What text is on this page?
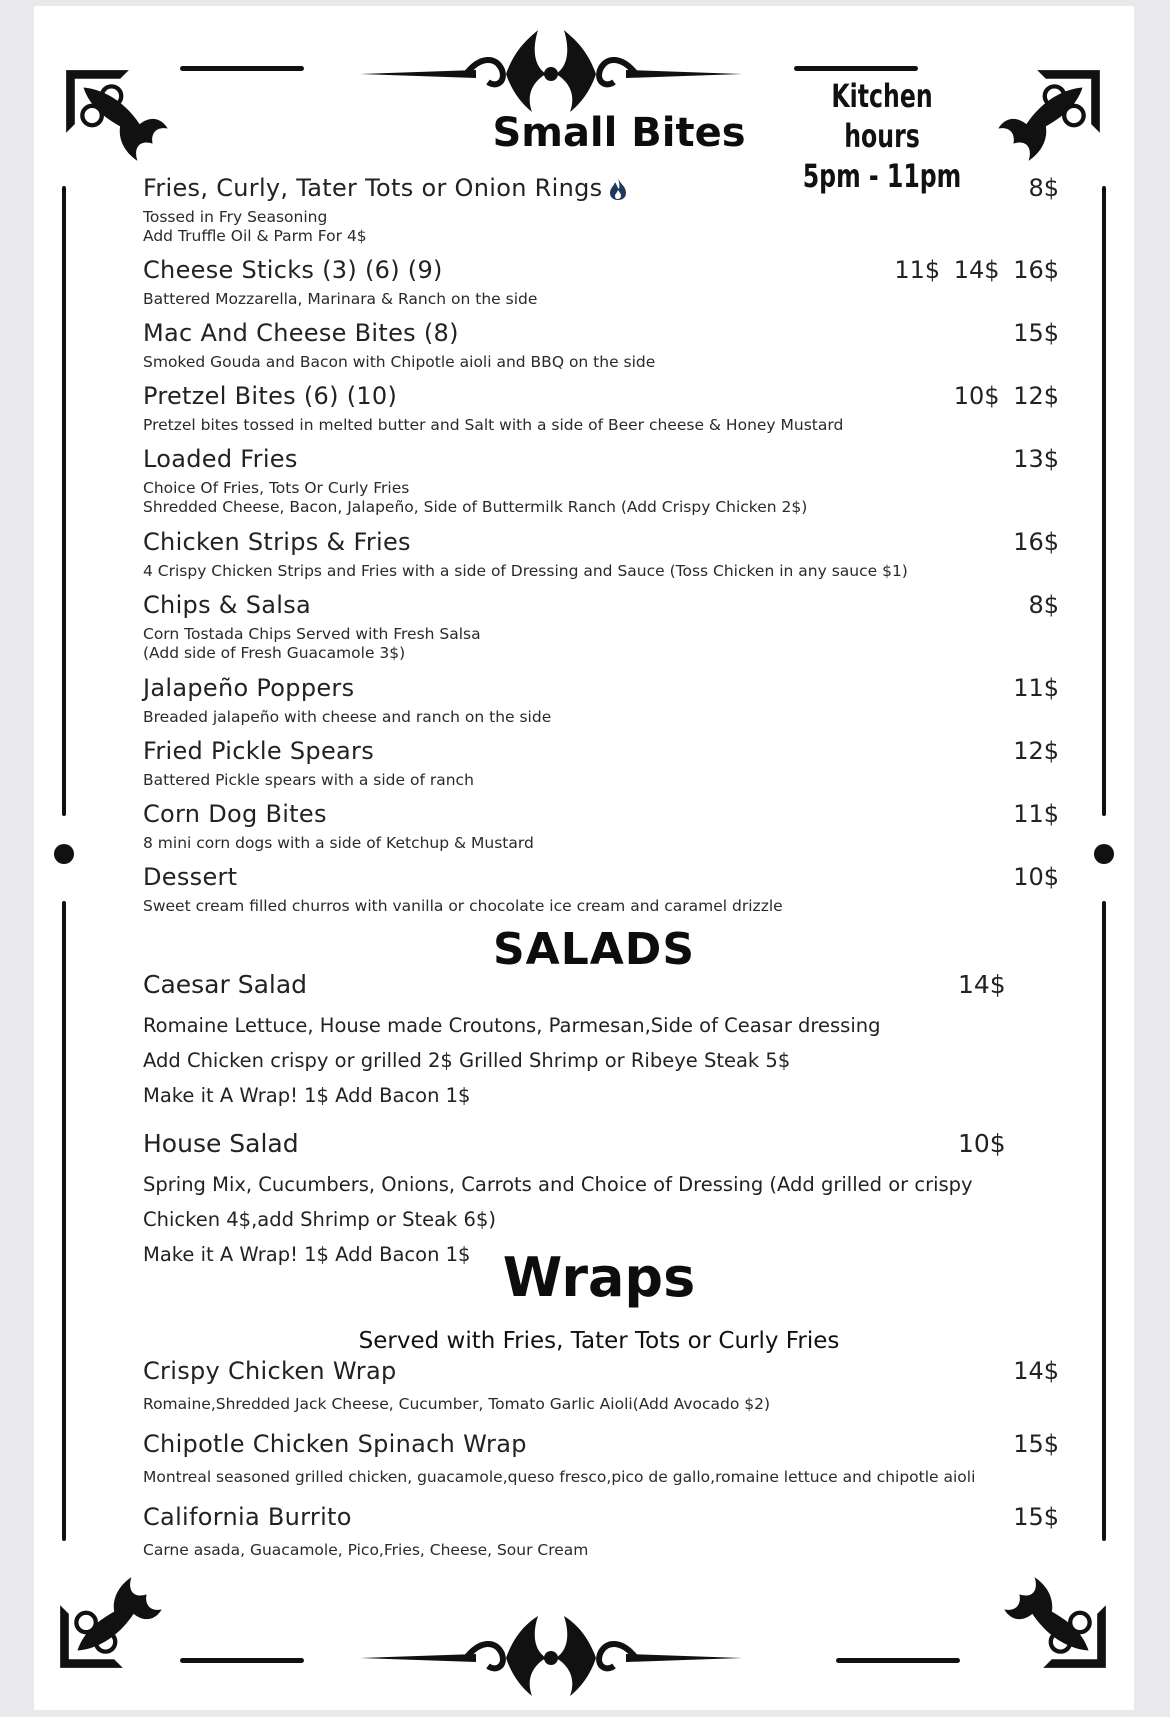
Small Bites
Kitchen hours
5pm - 11pm
Fries, Curly, Tater Tots or Onion Rings	8$
Tossed in Fry Seasoning
Add Truffle Oil & Parm For 4$
Cheese Sticks (3) (6) (9)	11$ 14$ 16$
Battered Mozzarella, Marinara & Ranch on the side
Mac And Cheese Bites (8)	15$
Smoked Gouda and Bacon with Chipotle aioli and BBQ on the side
Pretzel Bites (6) (10)	10$ 12$
Pretzel bites tossed in melted butter and Salt with a side of Beer cheese & Honey Mustard
Loaded Fries	13$
Choice Of Fries, Tots Or Curly Fries
Shredded Cheese, Bacon, Jalapeño, Side of Buttermilk Ranch (Add Crispy Chicken 2$)
Chicken Strips & Fries	16$
4 Crispy Chicken Strips and Fries with a side of Dressing and Sauce (Toss Chicken in any sauce $1)
Chips & Salsa	8$
Corn Tostada Chips Served with Fresh Salsa
(Add side of Fresh Guacamole 3$)
Jalapeño Poppers	11$
Breaded jalapeño with cheese and ranch on the side
Fried Pickle Spears	12$
Battered Pickle spears with a side of ranch
Corn Dog Bites	11$
8 mini corn dogs with a side of Ketchup & Mustard
Dessert	10$
Sweet cream filled churros with vanilla or chocolate ice cream and caramel drizzle
SALADS
Caesar Salad	14$
Romaine Lettuce, House made Croutons, Parmesan,Side of Ceasar dressing
Add Chicken crispy or grilled 2$ Grilled Shrimp or Ribeye Steak 5$
Make it A Wrap! 1$ Add Bacon 1$
House Salad	10$
Spring Mix, Cucumbers, Onions, Carrots and Choice of Dressing (Add grilled or crispy
Chicken 4$,add Shrimp or Steak 6$)
Make it A Wrap! 1$ Add Bacon 1$ Wraps
Served with Fries, Tater Tots or Curly Fries
Crispy Chicken Wrap	14$
Romaine,Shredded Jack Cheese, Cucumber, Tomato Garlic Aioli(Add Avocado $2)
Chipotle Chicken Spinach Wrap	15$
Montreal seasoned grilled chicken, guacamole,queso fresco,pico de gallo,romaine lettuce and chipotle aioli
California Burrito	15$
Carne asada, Guacamole, Pico,Fries, Cheese, Sour Cream
